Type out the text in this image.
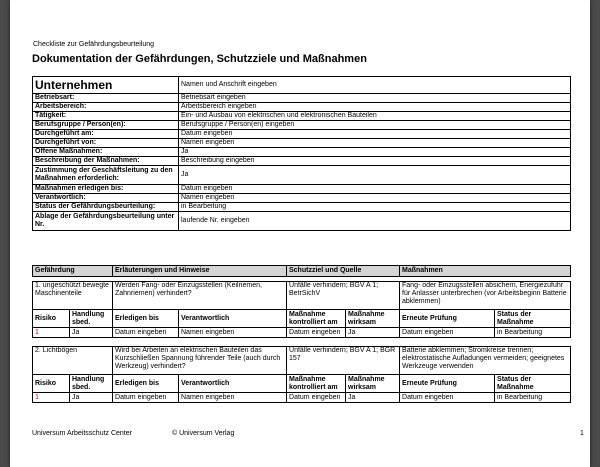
Checkliste zur Gefährdungsbeurteilung
Dokumentation der Gefährdungen, Schutzziele und Maßnahmen
Unternehmen	Namen und Anschrift eingeben
Betriebsart:	Betriebsart eingeben
Arbeitsbereich:	Arbeitsbereich eingeben
Tätigkeit:	Ein- und Ausbau von elektrischen und elektronischen Bauteilen
Berufsgruppe / Person(en):	Berufsgruppe / Person(en) eingeben
Durchgeführt am:	Datum eingeben
Durchgeführt von:	Namen eingeben
Offene Maßnahmen:	Ja
Beschreibung der Maßnahmen:	Beschreibung eingeben
Zustimmung der Geschäftsleitung zu den Maßnahmen erforderlich:	Ja
Maßnahmen erledigen bis:	Datum eingeben
Verantwortlich:	Namen eingeben
Status der Gefährdungsbeurteilung:	in Bearbeitung
Ablage der Gefährdungsbeurteilung unter Nr.	laufende Nr. eingeben
Gefährdung	Erläuterungen und Hinweise	Schutzziel und Quelle	Maßnahmen
1. ungeschützt bewegte Maschinenteile		Werden Fang- oder Einzugsstellen (Keilriemen, Zahnriemen) verhindert?		Unfälle verhindern; BGV A 1; BetrSichV		Fang- oder Einzugsstellen absichern, Energiezufuhr für Anlasser unterbrechen (vor Arbeitsbeginn Batterie abklemmen)	
Risiko	Handlung sbed.	Erledigen bis	Verantwortlich	Maßnahme kontrolliert am	Maßnahme wirksam	Erneute Prüfung	Status der Maßnahme
1	Ja	Datum eingeben	Namen eingeben	Datum eingeben	Ja	Datum eingeben	in Bearbeitung
2. Lichtbögen		Wird bei Arbeiten an elektrischen Bauteilen das Kurzschließen Spannung führender Teile (auch durch Werkzeug) verhindert?		Unfälle verhindern; BGV A 1; BGR 157		Batterie abklemmen; Stromkreise trennen; elektrostatische Aufladungen vermeiden; geeignetes Werkzeuge verwenden	
Risiko	Handlung sbed.	Erledigen bis	Verantwortlich	Maßnahme kontrolliert am	Maßnahme wirksam	Erneute Prüfung	Status der Maßnahme
1	Ja	Datum eingeben	Namen eingeben	Datum eingeben	Ja	Datum eingeben	in Bearbeitung
Universum Arbeitsschutz Center	© Universum Verlag	1
